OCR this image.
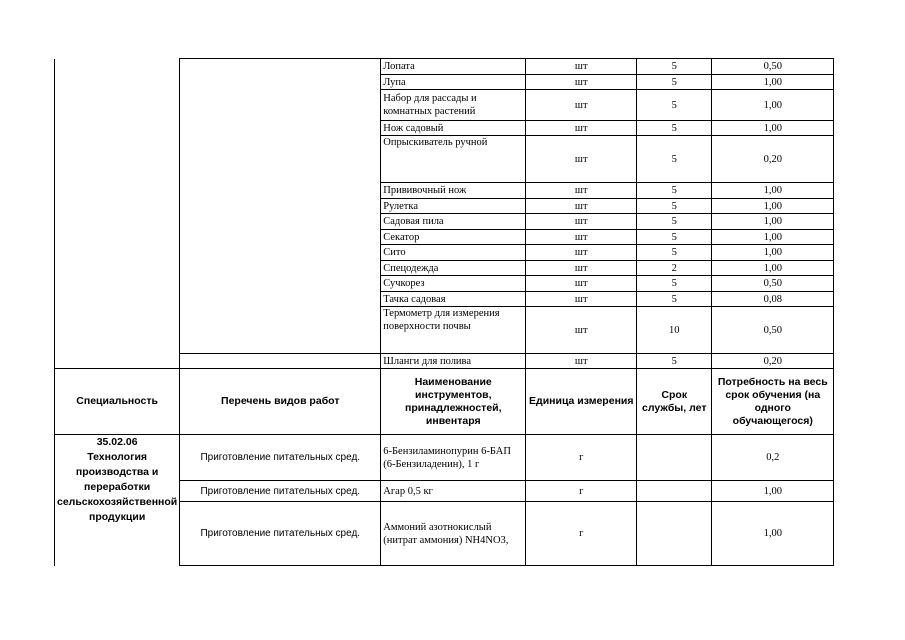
		Лопата	шт	5	0,50
		Лупа	шт	5	1,00
		Набор для рассады и комнатных растений	шт	5	1,00
		Нож садовый	шт	5	1,00
		Опрыскиватель ручной	шт	5	0,20
		Прививочный нож	шт	5	1,00
		Рулетка	шт	5	1,00
		Садовая пила	шт	5	1,00
		Секатор	шт	5	1,00
		Сито	шт	5	1,00
		Спецодежда	шт	2	1,00
		Сучкорез	шт	5	0,50
		Тачка садовая	шт	5	0,08
		Термометр для измерения поверхности почвы	шт	10	0,50
		Шланги для полива	шт	5	0,20
Специальность	Перечень видов работ	Наименование инструментов, принадлежностей, инвентаря	Единица измерения	Срок службы, лет	Потребность на весь срок обучения (на одного обучающегося)

35.02.06
Технология производства и переработки сельскохозяйственной продукции	Приготовление питательных сред.	6-Бензиламинопурин 6-БАП (6-Бензиладенин), 1 г	г		0,2
	Приготовление питательных сред.	Агар 0,5 кг	г		1,00
	Приготовление питательных сред.	Аммоний азотнокислый (нитрат аммония) NH4NO3,	г		1,00
